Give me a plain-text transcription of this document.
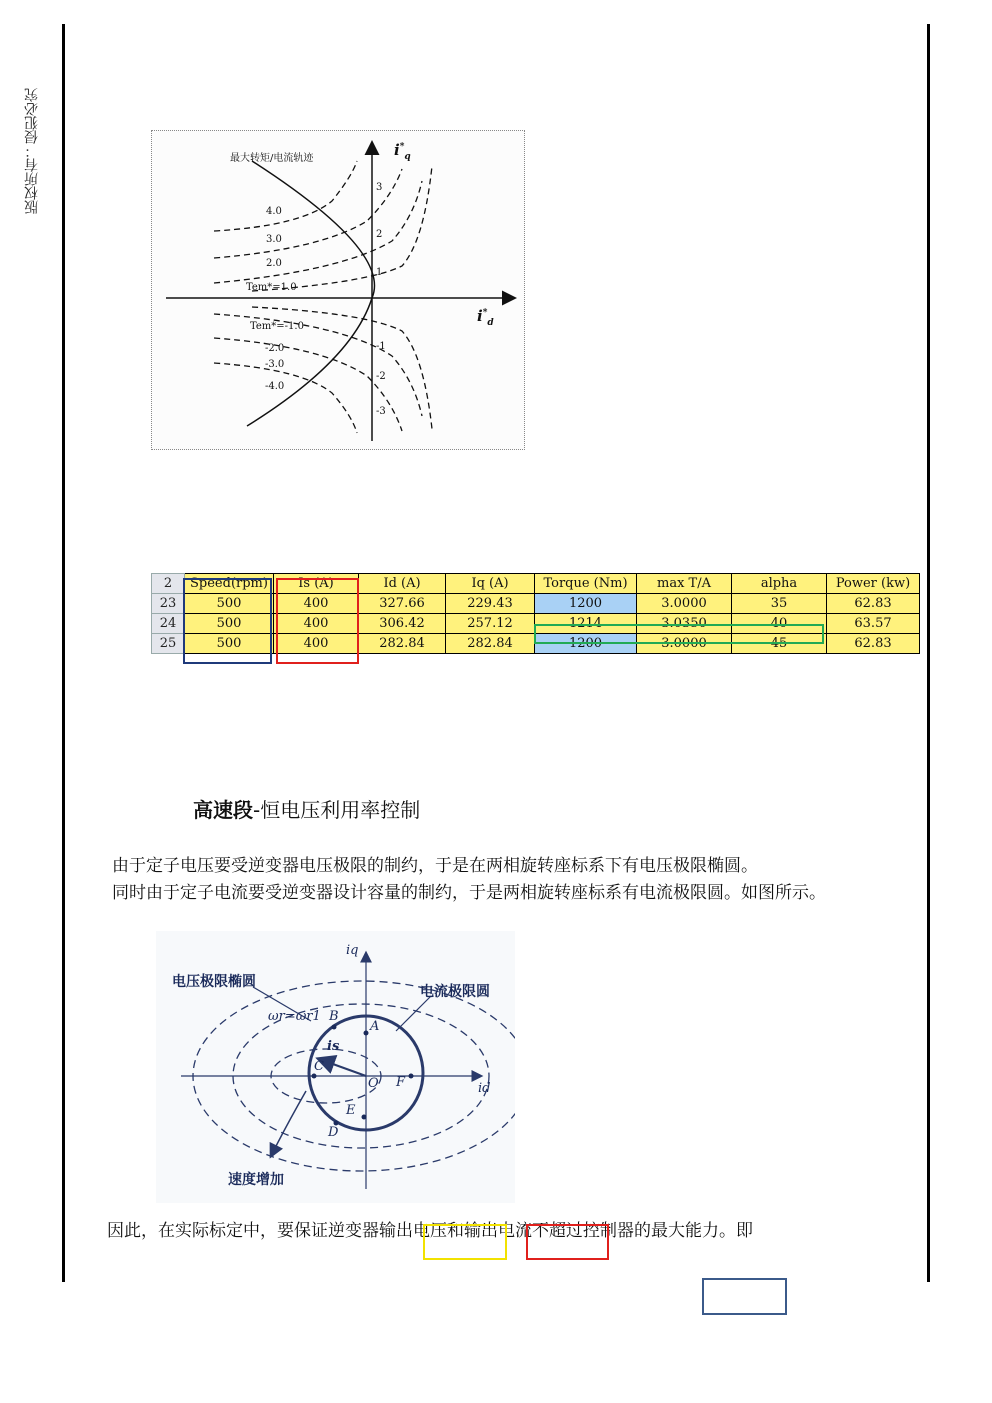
版权所有：侵犯必究	最大转矩/电流轨迹	$i^*_q$
$i^*_d$
4.0
3.0
2.0
Tem*=1.0
Tem*=-1.0
-2.0
-3.0
-4.0
3
2
1
-1
-2
-3
2	Speed(rpm)	Is (A)	Id (A)	Iq (A)	Torque (Nm)	max T/A	alpha	Power (kw)
23	500	400	327.66	229.43	1200	3.0000	35	62.83
24	500	400	306.42	257.12	1214	3.0350	40	63.57
25	500	400	282.84	282.84	1200	3.0000	45	62.83
高速段-恒电压利用率控制
由于定子电压要受逆变器电压极限的制约，于是在两相旋转座标系下有电压极限椭圆。
同时由于定子电流要受逆变器设计容量的制约，于是两相旋转座标系有电流极限圆。如图所示。
电压极限椭圆
电流极限圆
速度增加
ωr=ωr1
iq
id
is
A
B
C
D
E
F
O
因此，在实际标定中，要保证逆变器输出电压和输出电流不超过控制器的最大能力。即
